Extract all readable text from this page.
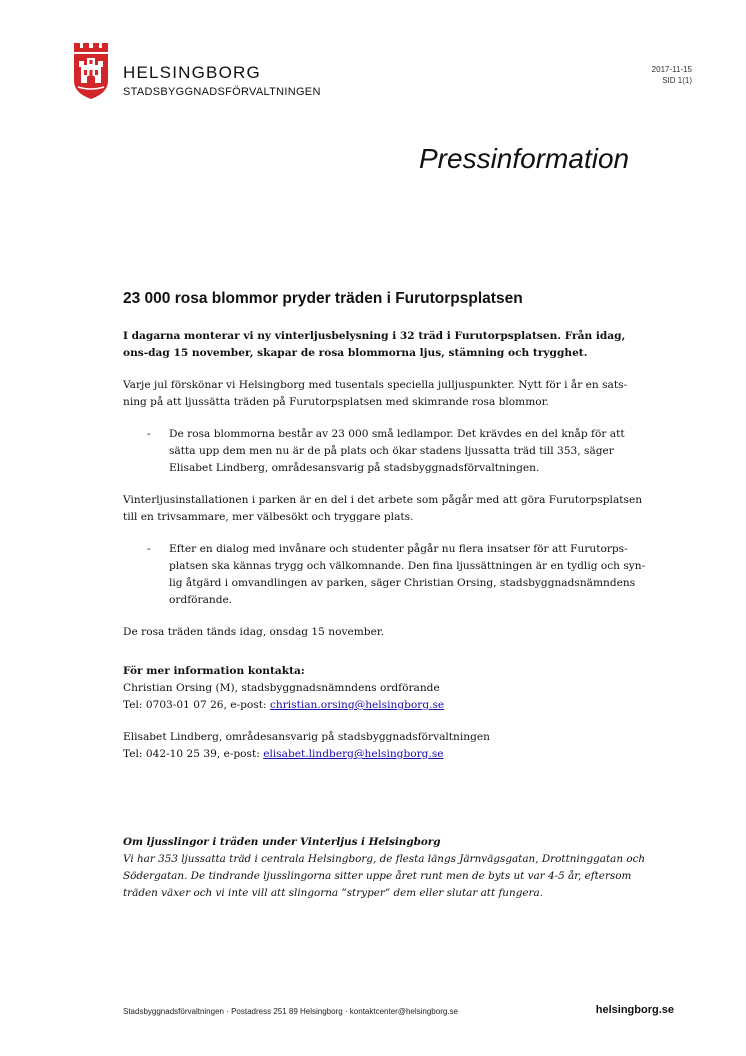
HELSINGBORG
STADSBYGGNADSFÖRVALTNINGEN
2017-11-15
SID 1(1)
Pressinformation
23 000 rosa blommor pryder träden i Furutorpsplatsen

I dagarna monterar vi ny vinterljusbelysning i 32 träd i Furutorpsplatsen. Från idag, ons-dag 15 november, skapar de rosa blommorna ljus, stämning och trygghet.

Varje jul förskönar vi Helsingborg med tusentals speciella julljuspunkter. Nytt för i år en sats-ning på att ljussätta träden på Furutorpsplatsen med skimrande rosa blommor.

- De rosa blommorna består av 23 000 små ledlampor. Det krävdes en del knåp för att sätta upp dem men nu är de på plats och ökar stadens ljussatta träd till 353, säger Elisabet Lindberg, områdesansvarig på stadsbyggnadsförvaltningen.

Vinterljusinstallationen i parken är en del i det arbete som pågår med att göra Furutorpsplatsen till en trivsammare, mer välbesökt och tryggare plats.

- Efter en dialog med invånare och studenter pågår nu flera insatser för att Furutorps-platsen ska kännas trygg och välkomnande. Den fina ljussättningen är en tydlig och syn-lig åtgärd i omvandlingen av parken, säger Christian Orsing, stadsbyggnadsnämndens ordförande.

De rosa träden tänds idag, onsdag 15 november.

För mer information kontakta:

Christian Orsing (M), stadsbyggnadsnämndens ordförande
Tel: 0703-01 07 26, e-post: christian.orsing@helsingborg.se

Elisabet Lindberg, områdesansvarig på stadsbyggnadsförvaltningen
Tel: 042-10 25 39, e-post: elisabet.lindberg@helsingborg.se

Om ljusslingor i träden under Vinterljus i Helsingborg
Vi har 353 ljussatta träd i centrala Helsingborg, de flesta längs Järnvägsgatan, Drottninggatan och Södergatan. De tindrande ljusslingorna sitter uppe året runt men de byts ut var 4-5 år, eftersom träden växer och vi inte vill att slingorna ”stryper” dem eller slutar att fungera.
Stadsbyggnadsförvaltningen · Postadress 251 89 Helsingborg · kontaktcenter@helsingborg.se	helsingborg.se
